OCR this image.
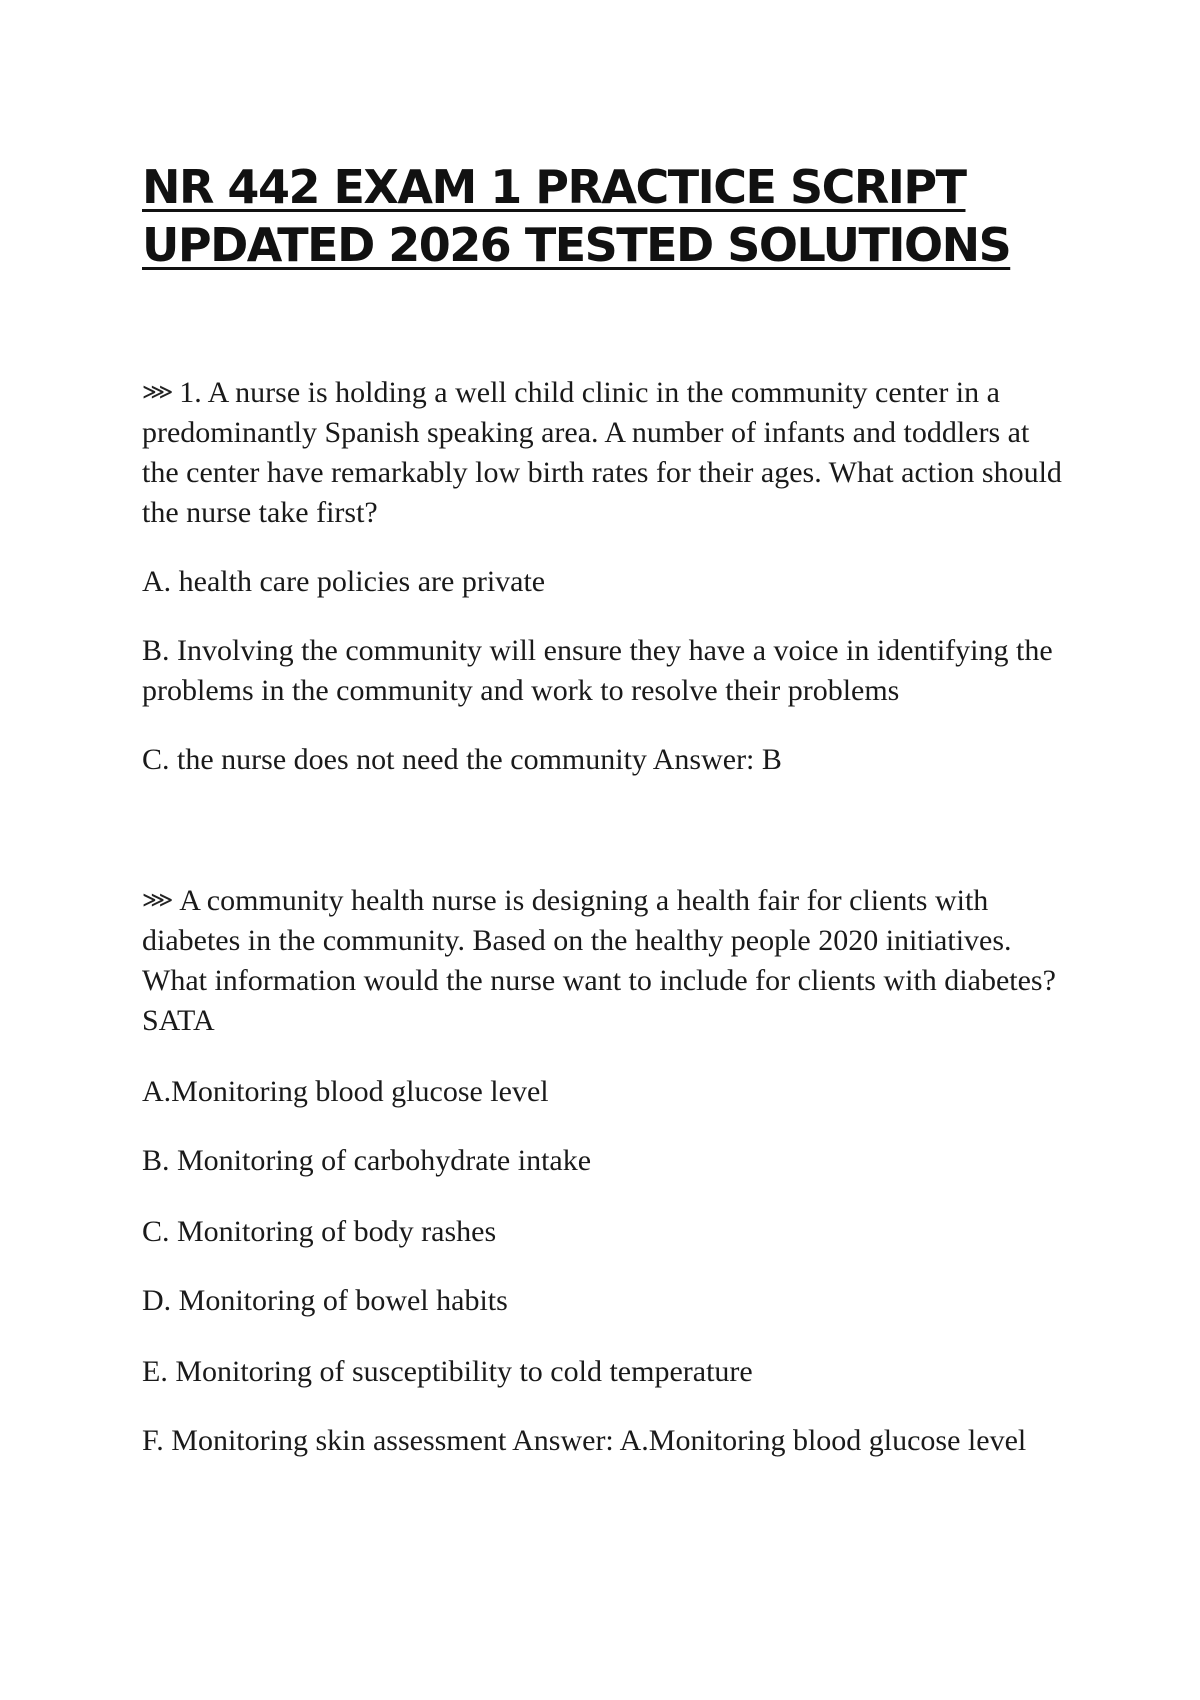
NR 442 EXAM 1 PRACTICE SCRIPT
UPDATED 2026 TESTED SOLUTIONS

⋙ 1. A nurse is holding a well child clinic in the community center in a predominantly Spanish speaking area. A number of infants and toddlers at the center have remarkably low birth rates for their ages. What action should the nurse take first?

A. health care policies are private

B. Involving the community will ensure they have a voice in identifying the problems in the community and work to resolve their problems

C. the nurse does not need the community Answer: B

⋙ A community health nurse is designing a health fair for clients with diabetes in the community. Based on the healthy people 2020 initiatives. What information would the nurse want to include for clients with diabetes? SATA

A.Monitoring blood glucose level

B. Monitoring of carbohydrate intake

C. Monitoring of body rashes

D. Monitoring of bowel habits

E. Monitoring of susceptibility to cold temperature

F. Monitoring skin assessment Answer: A.Monitoring blood glucose level
